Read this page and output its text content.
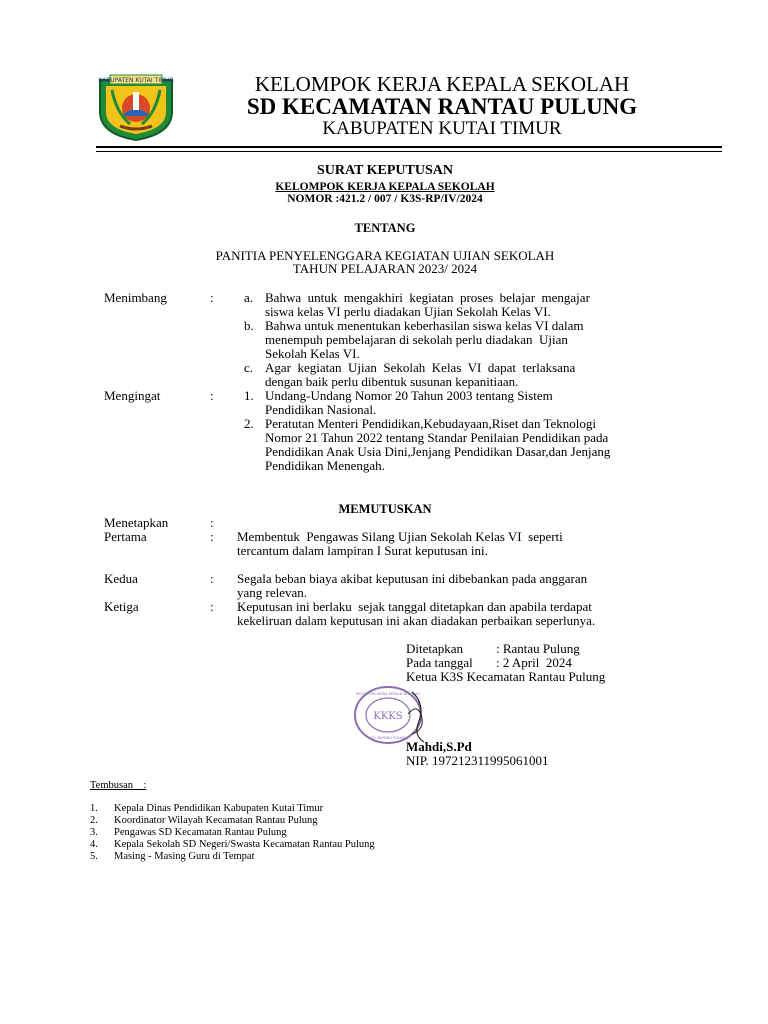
KABUPATEN KUTAI TIMUR	KELOMPOK KERJA KEPALA SEKOLAH
SD KECAMATAN RANTAU PULUNG
KABUPATEN KUTAI TIMUR
SURAT KEPUTUSAN
KELOMPOK KERJA KEPALA SEKOLAH
NOMOR :421.2 / 007 / K3S-RP/IV/2024
TENTANG
PANITIA PENYELENGGARA KEGIATAN UJIAN SEKOLAH
TAHUN PELAJARAN 2023/ 2024
Menimbang	: a. Bahwa  untuk  mengakhiri  kegiatan  proses  belajar  mengajar
siswa kelas VI perlu diadakan Ujian Sekolah Kelas VI.
b. Bahwa untuk menentukan keberhasilan siswa kelas VI dalam
menempuh pembelajaran di sekolah perlu diadakan  Ujian
Sekolah Kelas VI.
c. Agar  kegiatan  Ujian  Sekolah  Kelas  VI  dapat  terlaksana
dengan baik perlu dibentuk susunan kepanitiaan.
Mengingat	: 1. Undang-Undang Nomor 20 Tahun 2003 tentang Sistem
Pendidikan Nasional.
2. Peratutan Menteri Pendidikan,Kebudayaan,Riset dan Teknologi
Nomor 21 Tahun 2022 tentang Standar Penilaian Pendidikan pada
Pendidikan Anak Usia Dini,Jenjang Pendidikan Dasar,dan Jenjang
Pendidikan Menengah.
MEMUTUSKAN
Menetapkan	:
Pertama	: Membentuk  Pengawas Silang Ujian Sekolah Kelas VI  seperti
tercantum dalam lampiran I Surat keputusan ini.
Kedua	: Segala beban biaya akibat keputusan ini dibebankan pada anggaran
yang relevan.
Ketiga	: Keputusan ini berlaku  sejak tanggal ditetapkan dan apabila terdapat
kekeliruan dalam keputusan ini akan diadakan perbaikan seperlunya.
Ditetapkan	: Rantau Pulung
Pada tanggal : 2 April  2024
Ketua K3S Kecamatan Rantau Pulung
KKKS
KELOMPOK KERJA KEPALA SEKOLAH
KEC. RANTAU PULUNG
Mahdi,S.Pd
NIP. 197212311995061001
Tembusan    :
1. Kepala Dinas Pendidikan Kabupaten Kutai Timur
2. Koordinator Wilayah Kecamatan Rantau Pulung
3. Pengawas SD Kecamatan Rantau Pulung
4. Kepala Sekolah SD Negeri/Swasta Kecamatan Rantau Pulung
5. Masing - Masing Guru di Tempat
